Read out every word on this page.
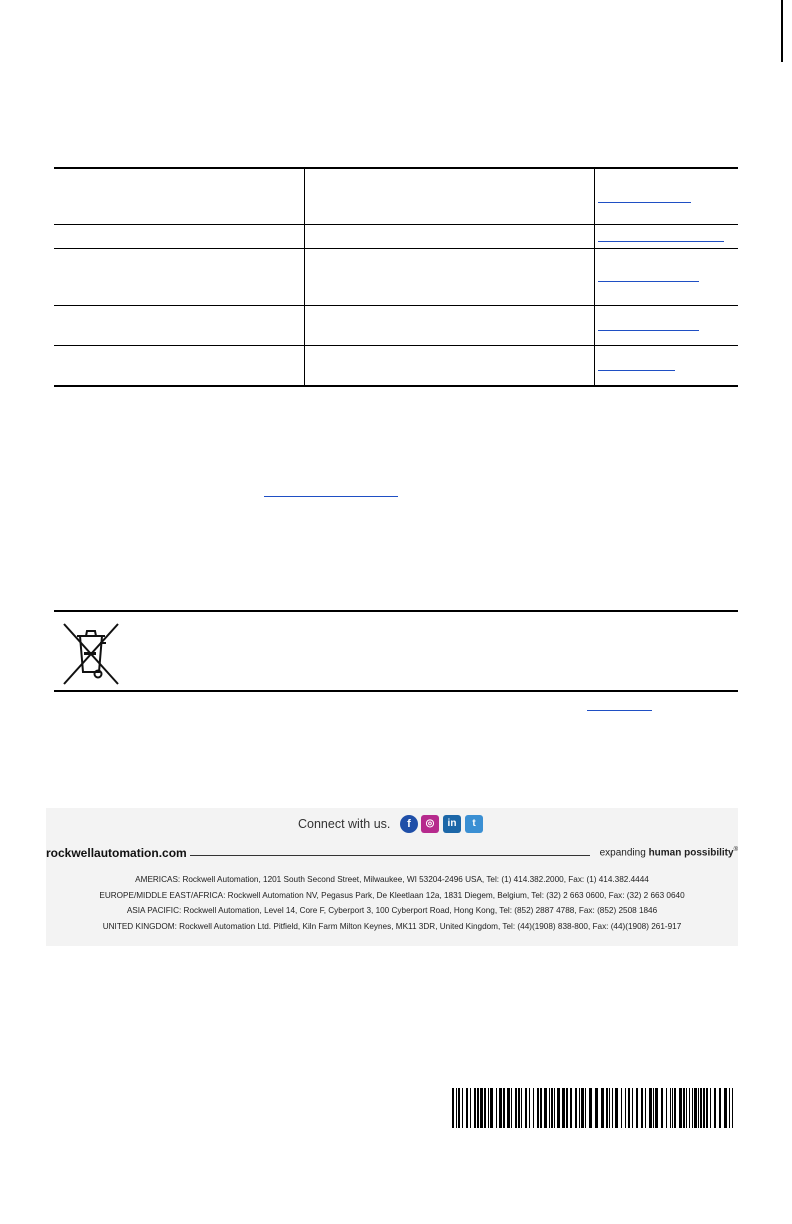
Connect with us.	f	◎	in	t
rockwellautomation.com	expanding human possibility®
AMERICAS: Rockwell Automation, 1201 South Second Street, Milwaukee, WI 53204-2496 USA, Tel: (1) 414.382.2000, Fax: (1) 414.382.4444
EUROPE/MIDDLE EAST/AFRICA: Rockwell Automation NV, Pegasus Park, De Kleetlaan 12a, 1831 Diegem, Belgium, Tel: (32) 2 663 0600, Fax: (32) 2 663 0640
ASIA PACIFIC: Rockwell Automation, Level 14, Core F, Cyberport 3, 100 Cyberport Road, Hong Kong, Tel: (852) 2887 4788, Fax: (852) 2508 1846
UNITED KINGDOM: Rockwell Automation Ltd. Pitfield, Kiln Farm Milton Keynes, MK11 3DR, United Kingdom, Tel: (44)(1908) 838-800, Fax: (44)(1908) 261-917
